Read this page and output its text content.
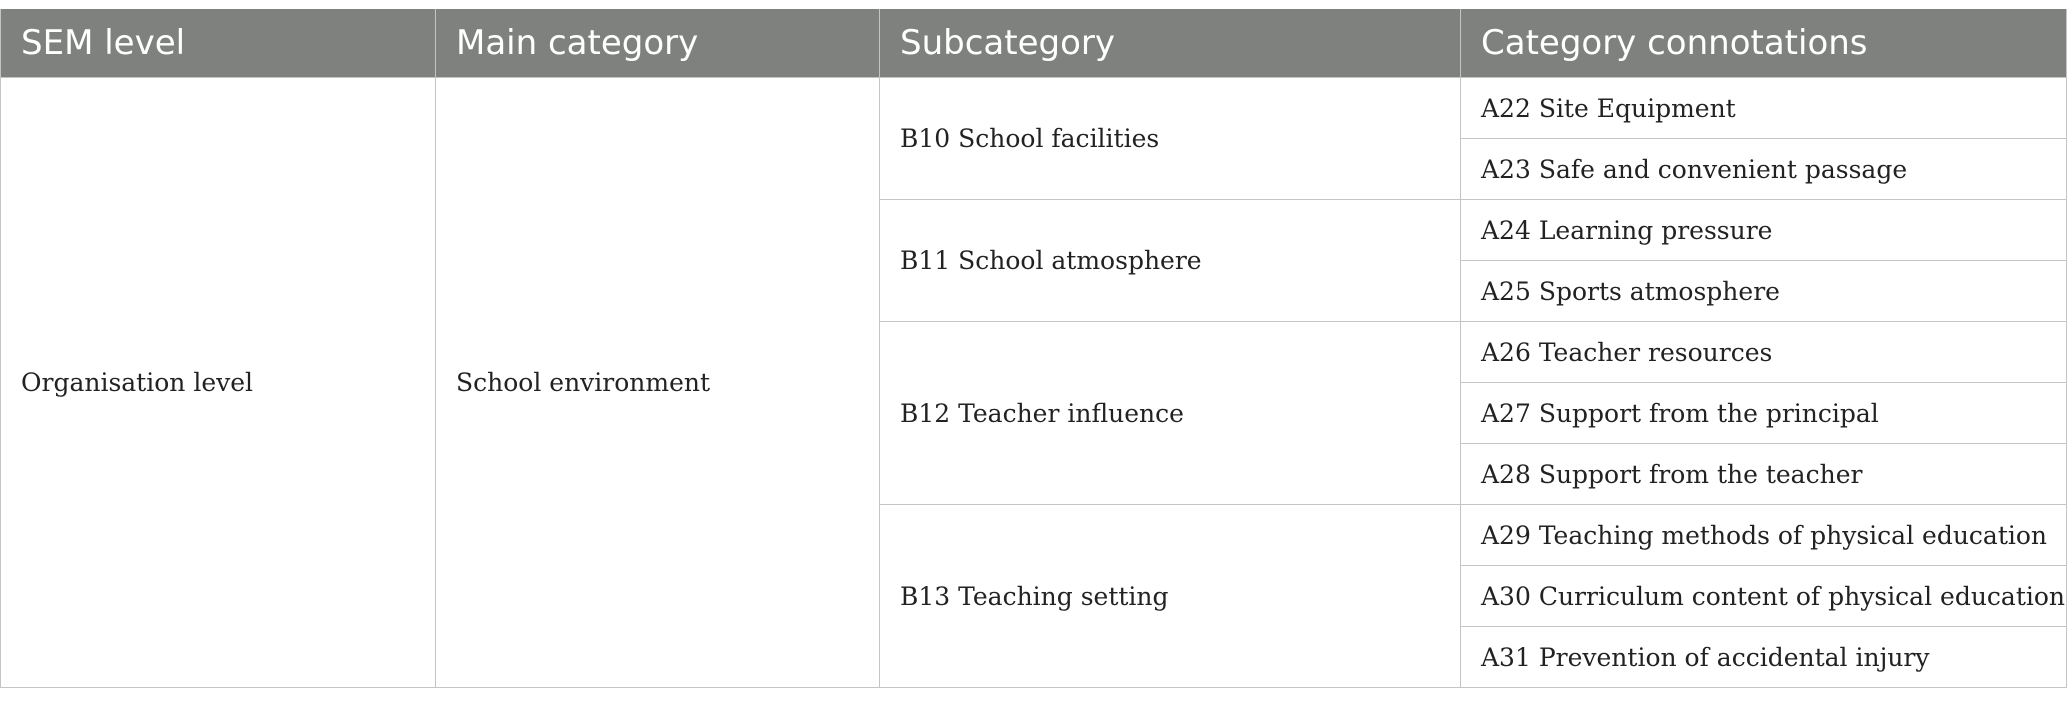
SEM level	Main category	Subcategory	Category connotations
Organisation level	School environment	B10 School facilities	A22 Site Equipment
			A23 Safe and convenient passage
		B11 School atmosphere	A24 Learning pressure
			A25 Sports atmosphere
		B12 Teacher influence	A26 Teacher resources
			A27 Support from the principal
			A28 Support from the teacher
		B13 Teaching setting	A29 Teaching methods of physical education
			A30 Curriculum content of physical education
			A31 Prevention of accidental injury
